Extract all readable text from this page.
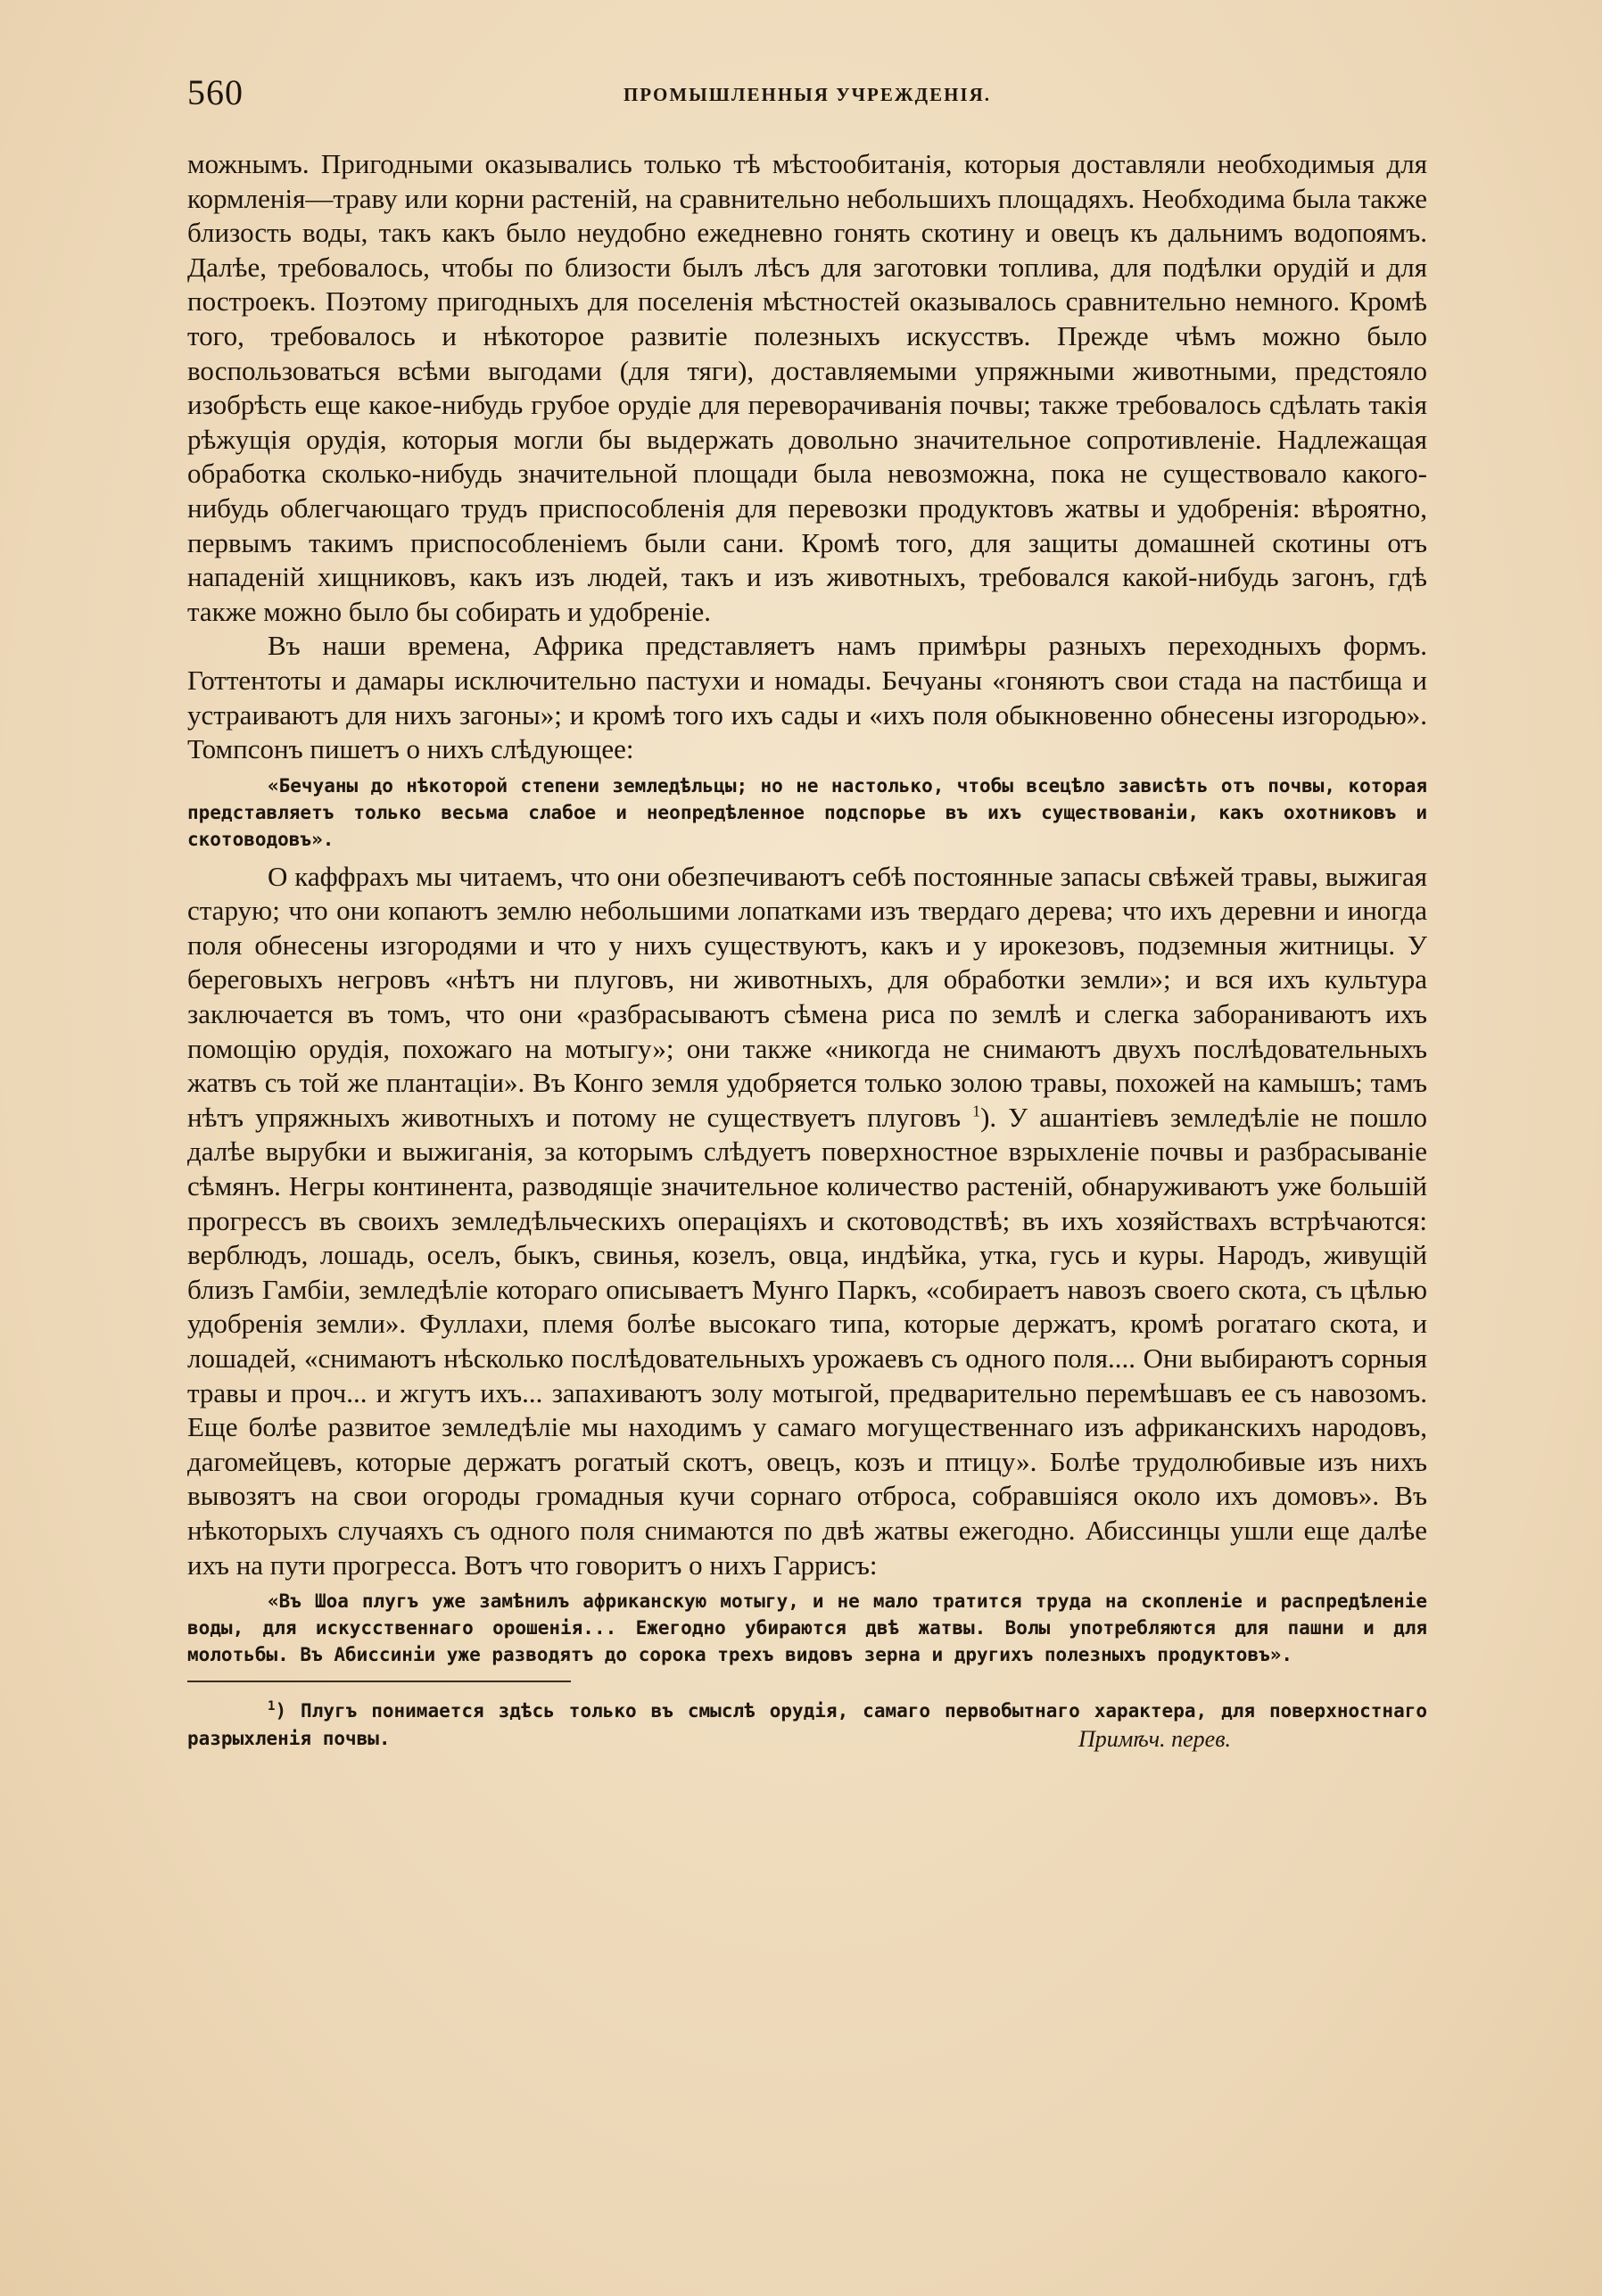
560	ПРОМЫШЛЕННЫЯ УЧРЕЖДЕНІЯ.

можнымъ. Пригодными оказывались только тѣ мѣстообитанія, которыя доставляли необходимыя для кормленія—траву или корни растеній, на сравнительно небольшихъ площадяхъ. Необходима была также близость воды, такъ какъ было неудобно ежедневно гонять скотину и овецъ къ дальнимъ водопоямъ. Далѣе, требовалось, чтобы по близости былъ лѣсъ для заготовки топлива, для подѣлки орудій и для построекъ. Поэтому пригодныхъ для поселенія мѣстностей оказывалось сравнительно немного. Кромѣ того, требовалось и нѣкоторое развитіе полезныхъ искусствъ. Прежде чѣмъ можно было воспользоваться всѣми выгодами (для тяги), доставляемыми упряжными животными, предстояло изобрѣсть еще какое-нибудь грубое орудіе для переворачиванія почвы; также требовалось сдѣлать такія рѣжущія орудія, которыя могли бы выдержать довольно значительное сопротивленіе. Надлежащая обработка сколько-нибудь значительной площади была невозможна, пока не существовало какого-нибудь облегчающаго трудъ приспособленія для перевозки продуктовъ жатвы и удобренія: вѣроятно, первымъ такимъ приспособленіемъ были сани. Кромѣ того, для защиты домашней скотины отъ нападеній хищниковъ, какъ изъ людей, такъ и изъ животныхъ, требовался какой-нибудь загонъ, гдѣ также можно было бы собирать и удобреніе.

Въ наши времена, Африка представляетъ намъ примѣры разныхъ переходныхъ формъ. Готтентоты и дамары исключительно пастухи и номады. Бечуаны «гоняютъ свои стада на пастбища и устраиваютъ для нихъ загоны»; и кромѣ того ихъ сады и «ихъ поля обыкновенно обнесены изгородью». Томпсонъ пишетъ о нихъ слѣдующее:

«Бечуаны до нѣкоторой степени земледѣльцы; но не настолько, чтобы всецѣло зависѣть отъ почвы, которая представляетъ только весьма слабое и неопредѣленное подспорье въ ихъ существованіи, какъ охотниковъ и скотоводовъ».

О каффрахъ мы читаемъ, что они обезпечиваютъ себѣ постоянные запасы свѣжей травы, выжигая старую; что они копаютъ землю небольшими лопатками изъ твердаго дерева; что ихъ деревни и иногда поля обнесены изгородями и что у нихъ существуютъ, какъ и у ирокезовъ, подземныя житницы. У береговыхъ негровъ «нѣтъ ни плуговъ, ни животныхъ, для обработки земли»; и вся ихъ культура заключается въ томъ, что они «разбрасываютъ сѣмена риса по землѣ и слегка забораниваютъ ихъ помощію орудія, похожаго на мотыгу»; они также «никогда не снимаютъ двухъ послѣдовательныхъ жатвъ съ той же плантаціи». Въ Конго земля удобряется только золою травы, похожей на камышъ; тамъ нѣтъ упряжныхъ животныхъ и потому не существуетъ плуговъ $^1$). У ашантіевъ земледѣліе не пошло далѣе вырубки и выжиганія, за которымъ слѣдуетъ поверхностное взрыхленіе почвы и разбрасываніе сѣмянъ. Негры континента, разводящіе значительное количество растеній, обнаруживаютъ уже большій прогрессъ въ своихъ земледѣльческихъ операціяхъ и скотоводствѣ; въ ихъ хозяйствахъ встрѣчаются: верблюдъ, лошадь, оселъ, быкъ, свинья, козелъ, овца, индѣйка, утка, гусь и куры. Народъ, живущій близъ Гамбіи, земледѣліе котораго описываетъ Мунго Паркъ, «собираетъ навозъ своего скота, съ цѣлью удобренія земли». Фуллахи, племя болѣе высокаго типа, которые держатъ, кромѣ рогатаго скота, и лошадей, «снимаютъ нѣсколько послѣдовательныхъ урожаевъ съ одного поля.... Они выбираютъ сорныя травы и проч... и жгутъ ихъ... запахиваютъ золу мотыгой, предварительно перемѣшавъ ее съ навозомъ. Еще болѣе развитое земледѣліе мы находимъ у самаго могущественнаго изъ африканскихъ народовъ, дагомейцевъ, которые держатъ рогатый скотъ, овецъ, козъ и птицу». Болѣе трудолюбивые изъ нихъ вывозятъ на свои огороды громадныя кучи сорнаго отброса, собравшіяся около ихъ домовъ». Въ нѣкоторыхъ случаяхъ съ одного поля снимаются по двѣ жатвы ежегодно. Абиссинцы ушли еще далѣе ихъ на пути прогресса. Вотъ что говоритъ о нихъ Гаррисъ:

«Въ Шоа плугъ уже замѣнилъ африканскую мотыгу, и не мало тратится труда на скопленіе и распредѣленіе воды, для искусственнаго орошенія... Ежегодно убираются двѣ жатвы. Волы употребляются для пашни и для молотьбы. Въ Абиссиніи уже разводятъ до сорока трехъ видовъ зерна и другихъ полезныхъ продуктовъ».

$^1$) Плугъ понимается здѣсь только въ смыслѣ орудія, самаго первобытнаго характера, для поверхностнаго разрыхленія почвы.	Примѣч. перев.
